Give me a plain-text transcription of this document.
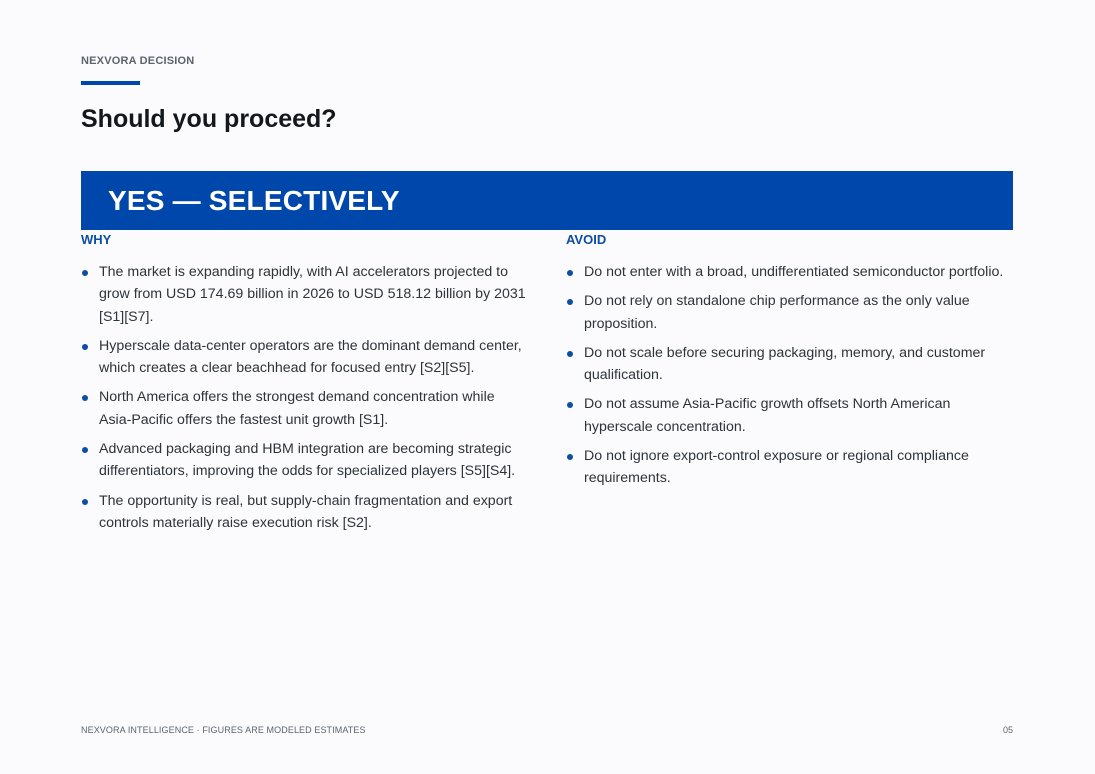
NEXVORA DECISION
Should you proceed?
YES — SELECTIVELY
WHY
The market is expanding rapidly, with AI accelerators projected to grow from USD 174.69 billion in 2026 to USD 518.12 billion by 2031 [S1][S7].
Hyperscale data-center operators are the dominant demand center, which creates a clear beachhead for focused entry [S2][S5].
North America offers the strongest demand concentration while Asia-Pacific offers the fastest unit growth [S1].
Advanced packaging and HBM integration are becoming strategic differentiators, improving the odds for specialized players [S5][S4].
The opportunity is real, but supply-chain fragmentation and export controls materially raise execution risk [S2].
AVOID
Do not enter with a broad, undifferentiated semiconductor portfolio.
Do not rely on standalone chip performance as the only value proposition.
Do not scale before securing packaging, memory, and customer qualification.
Do not assume Asia-Pacific growth offsets North American hyperscale concentration.
Do not ignore export-control exposure or regional compliance requirements.
NEXVORA INTELLIGENCE · FIGURES ARE MODELED ESTIMATES	05
